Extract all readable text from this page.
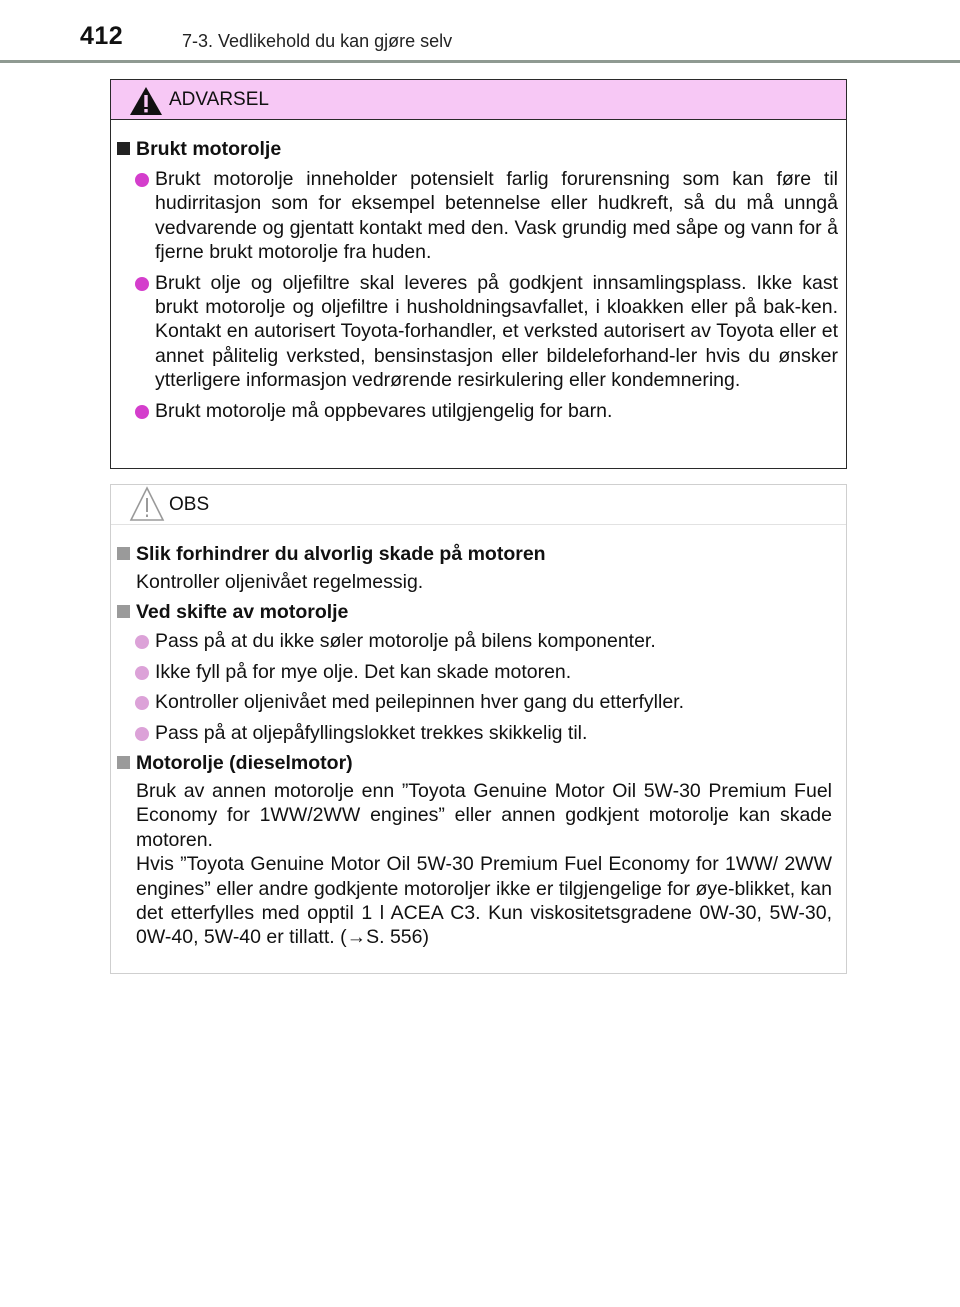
412	7-3. Vedlikehold du kan gjøre selv
ADVARSEL
Brukt motorolje
Brukt motorolje inneholder potensielt farlig forurensning som kan føre til hudirritasjon som for eksempel betennelse eller hudkreft, så du må unngå vedvarende og gjentatt kontakt med den. Vask grundig med såpe og vann for å fjerne brukt motorolje fra huden.
Brukt olje og oljefiltre skal leveres på godkjent innsamlingsplass. Ikke kast brukt motorolje og oljefiltre i husholdningsavfallet, i kloakken eller på bak-ken. Kontakt en autorisert Toyota-forhandler, et verksted autorisert av Toyota eller et annet pålitelig verksted, bensinstasjon eller bildeleforhand-ler hvis du ønsker ytterligere informasjon vedrørende resirkulering eller kondemnering.
Brukt motorolje må oppbevares utilgjengelig for barn.
OBS
Slik forhindrer du alvorlig skade på motoren
Kontroller oljenivået regelmessig.
Ved skifte av motorolje
Pass på at du ikke søler motorolje på bilens komponenter.
Ikke fyll på for mye olje. Det kan skade motoren.
Kontroller oljenivået med peilepinnen hver gang du etterfyller.
Pass på at oljepåfyllingslokket trekkes skikkelig til.
Motorolje (dieselmotor)
Bruk av annen motorolje enn ”Toyota Genuine Motor Oil 5W-30 Premium Fuel Economy for 1WW/2WW engines” eller annen godkjent motorolje kan skade motoren.
Hvis ”Toyota Genuine Motor Oil 5W-30 Premium Fuel Economy for 1WW/ 2WW engines” eller andre godkjente motoroljer ikke er tilgjengelige for øye-blikket, kan det etterfylles med opptil 1 l ACEA C3. Kun viskositetsgradene 0W-30, 5W-30, 0W-40, 5W-40 er tillatt. (→S. 556)
